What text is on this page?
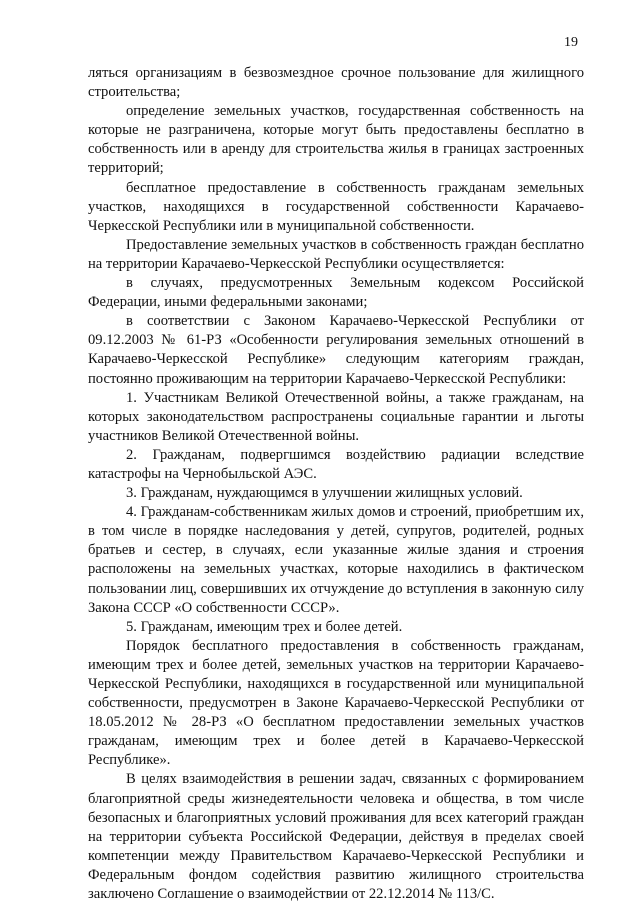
19

ляться организациям в безвозмездное срочное пользование для жилищного строительства;

определение земельных участков, государственная собственность на которые не разграничена, которые могут быть предоставлены бесплатно в собственность или в аренду для строительства жилья в границах застроенных территорий;

бесплатное предоставление в собственность гражданам земельных участков, находящихся в государственной собственности Карачаево-Черкесской Республики или в муниципальной собственности.

Предоставление земельных участков в собственность граждан бесплатно на территории Карачаево-Черкесской Республики осуществляется:

в случаях, предусмотренных Земельным кодексом Российской Федерации, иными федеральными законами;

в соответствии с Законом Карачаево-Черкесской Республики от 09.12.2003 № 61-РЗ «Особенности регулирования земельных отношений в Карачаево-Черкесской Республике» следующим категориям граждан, постоянно проживающим на территории Карачаево-Черкесской Республики:

1. Участникам Великой Отечественной войны, а также гражданам, на которых законодательством распространены социальные гарантии и льготы участников Великой Отечественной войны.

2. Гражданам, подвергшимся воздействию радиации вследствие катастрофы на Чернобыльской АЭС.

3. Гражданам, нуждающимся в улучшении жилищных условий.

4. Гражданам-собственникам жилых домов и строений, приобретшим их, в том числе в порядке наследования у детей, супругов, родителей, родных братьев и сестер, в случаях, если указанные жилые здания и строения расположены на земельных участках, которые находились в фактическом пользовании лиц, совершивших их отчуждение до вступления в законную силу Закона СССР «О собственности СССР».

5. Гражданам, имеющим трех и более детей.

Порядок бесплатного предоставления в собственность гражданам, имеющим трех и более детей, земельных участков на территории Карачаево-Черкесской Республики, находящихся в государственной или муниципальной собственности, предусмотрен в Законе Карачаево-Черкесской Республики от 18.05.2012 № 28-РЗ «О бесплатном предоставлении земельных участков гражданам, имеющим трех и более детей в Карачаево-Черкесской Республике».

В целях взаимодействия в решении задач, связанных с формированием благоприятной среды жизнедеятельности человека и общества, в том числе безопасных и благоприятных условий проживания для всех категорий граждан на территории субъекта Российской Федерации, действуя в пределах своей компетенции между Правительством Карачаево-Черкесской Республики и Федеральным фондом содействия развитию жилищного строительства заключено Соглашение о взаимодействии от 22.12.2014 № 113/С.
